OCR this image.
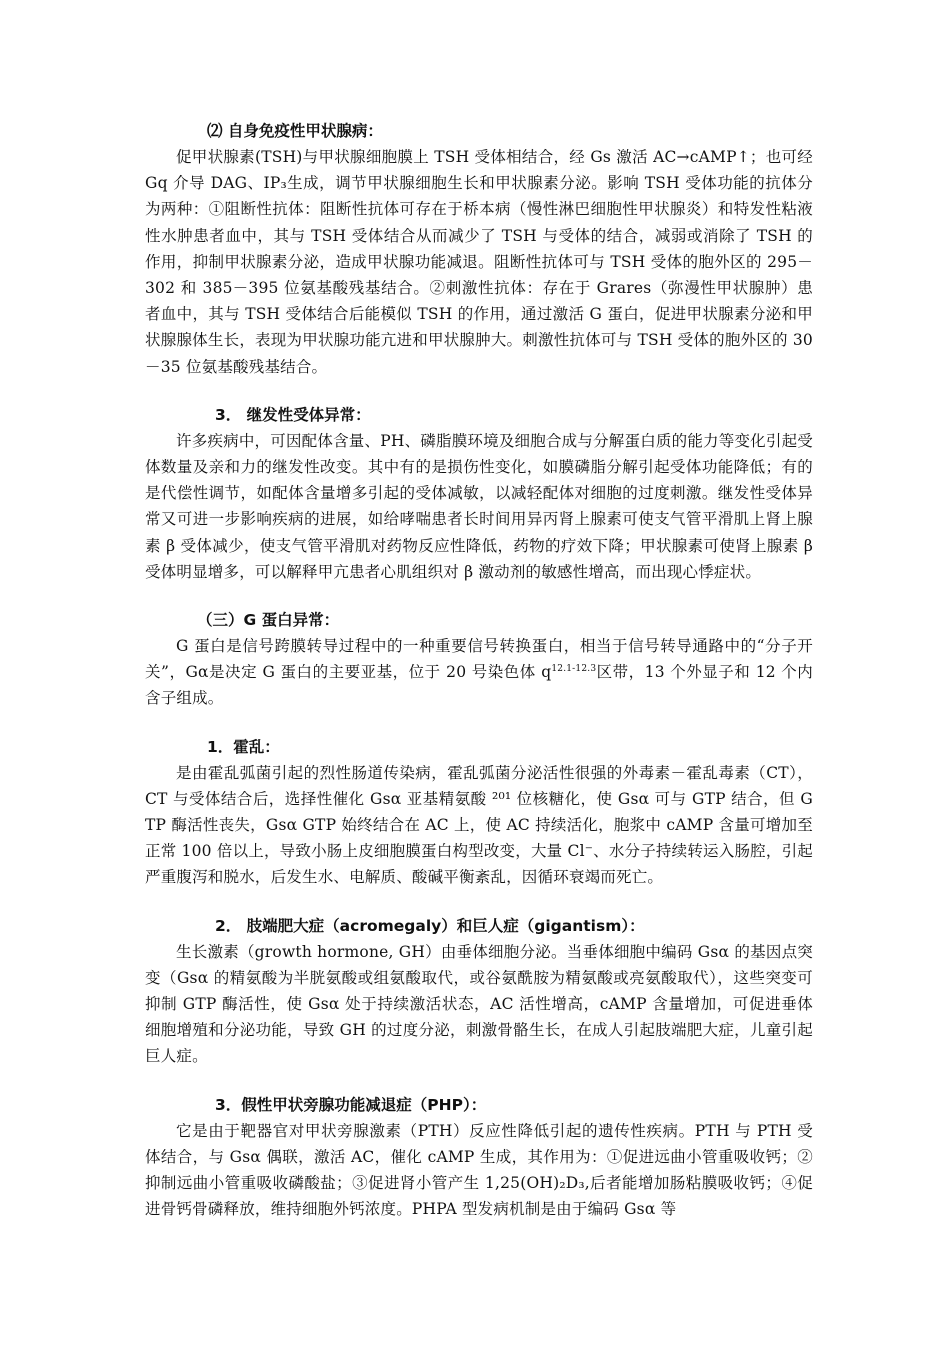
⑵ 自身免疫性甲状腺病：
促甲状腺素(TSH)与甲状腺细胞膜上 TSH 受体相结合，经 Gs 激活 AC→cAMP↑；也可经 Gq 介导 DAG、IP₃生成，调节甲状腺细胞生长和甲状腺素分泌。影响 TSH 受体功能的抗体分为两种：①阻断性抗体：阻断性抗体可存在于桥本病（慢性淋巴细胞性甲状腺炎）和特发性粘液性水肿患者血中，其与 TSH 受体结合从而减少了 TSH 与受体的结合，减弱或消除了 TSH 的作用，抑制甲状腺素分泌，造成甲状腺功能减退。阻断性抗体可与 TSH 受体的胞外区的 295－302 和 385－395 位氨基酸残基结合。②刺激性抗体：存在于 Grares（弥漫性甲状腺肿）患者血中，其与 TSH 受体结合后能模似 TSH 的作用，通过激活 G 蛋白，促进甲状腺素分泌和甲状腺腺体生长，表现为甲状腺功能亢进和甲状腺肿大。刺激性抗体可与 TSH 受体的胞外区的 30－35 位氨基酸残基结合。
3． 继发性受体异常：
许多疾病中，可因配体含量、PH、磷脂膜环境及细胞合成与分解蛋白质的能力等变化引起受体数量及亲和力的继发性改变。其中有的是损伤性变化，如膜磷脂分解引起受体功能降低；有的是代偿性调节，如配体含量增多引起的受体减敏，以减轻配体对细胞的过度刺激。继发性受体异常又可进一步影响疾病的进展，如给哮喘患者长时间用异丙肾上腺素可使支气管平滑肌上肾上腺素 β 受体减少，使支气管平滑肌对药物反应性降低，药物的疗效下降；甲状腺素可使肾上腺素 β 受体明显增多，可以解释甲亢患者心肌组织对 β 激动剂的敏感性增高，而出现心悸症状。
（三）G 蛋白异常：
G 蛋白是信号跨膜转导过程中的一种重要信号转换蛋白，相当于信号转导通路中的“分子开关”，Gα是决定 G 蛋白的主要亚基，位于 20 号染色体 $q^{12.1-12.3}$区带，13 个外显子和 12 个内含子组成。
1．霍乱：
是由霍乱弧菌引起的烈性肠道传染病，霍乱弧菌分泌活性很强的外毒素－霍乱毒素（CT），CT 与受体结合后，选择性催化 Gsα 亚基精氨酸 ²⁰¹ 位核糖化，使 Gsα 可与 GTP 结合，但 GTP 酶活性丧失，Gsα GTP 始终结合在 AC 上，使 AC 持续活化，胞浆中 cAMP 含量可增加至正常 100 倍以上，导致小肠上皮细胞膜蛋白构型改变，大量 Cl⁻、水分子持续转运入肠腔，引起严重腹泻和脱水，后发生水、电解质、酸碱平衡紊乱，因循环衰竭而死亡。
2． 肢端肥大症（acromegaly）和巨人症（gigantism）：
生长激素（growth hormone, GH）由垂体细胞分泌。当垂体细胞中编码 Gsα 的基因点突变（Gsα 的精氨酸为半胱氨酸或组氨酸取代，或谷氨酰胺为精氨酸或亮氨酸取代），这些突变可抑制 GTP 酶活性，使 Gsα 处于持续激活状态，AC 活性增高，cAMP 含量增加，可促进垂体细胞增殖和分泌功能，导致 GH 的过度分泌，刺激骨骼生长，在成人引起肢端肥大症，儿童引起巨人症。
3．假性甲状旁腺功能减退症（PHP）：
它是由于靶器官对甲状旁腺激素（PTH）反应性降低引起的遗传性疾病。PTH 与 PTH 受体结合，与 Gsα 偶联，激活 AC，催化 cAMP 生成，其作用为：①促进远曲小管重吸收钙；②抑制远曲小管重吸收磷酸盐；③促进肾小管产生 1,25(OH)₂D₃,后者能增加肠粘膜吸收钙；④促进骨钙骨磷释放，维持细胞外钙浓度。PHPA 型发病机制是由于编码 Gsα 等
